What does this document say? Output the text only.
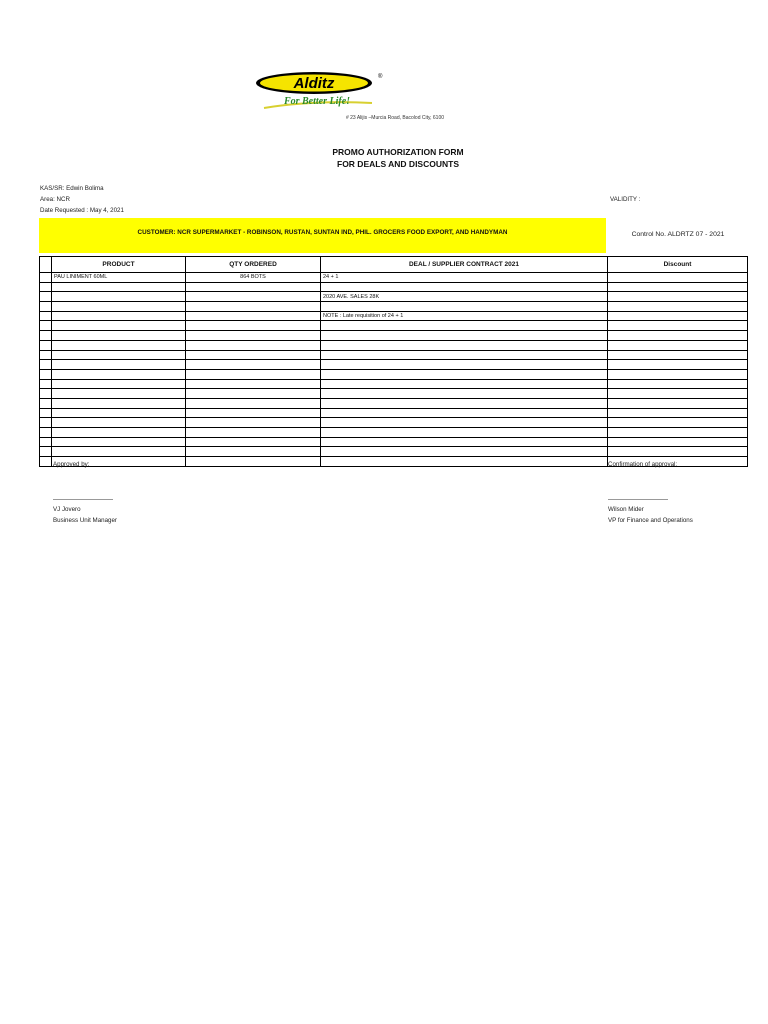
Alditz	®
For Better Life!
# 23 Alijis –Murcia Road, Bacolod City, 6100
PROMO AUTHORIZATION FORM
FOR DEALS AND DISCOUNTS
KAS/SR: Edwin Bolima
Area: NCR
Date Requested : May 4, 2021
VALIDITY :
CUSTOMER: NCR SUPERMARKET - ROBINSON, RUSTAN, SUNTAN IND, PHIL. GROCERS FOOD EXPORT, AND HANDYMAN	Control No. ALDRTZ 07 - 2021
	PRODUCT	QTY ORDERED	DEAL / SUPPLIER CONTRACT 2021	Discount
	PAU LINIMENT 60ML	864 BOTS	24 + 1	

			2020 AVE. SALES 28K	

			NOTE : Late requisition of 24 + 1	

Approved by:	Confirmation of approval:
VJ Jovero
Business Unit Manager
Wilson Mider
VP for Finance and Operations
